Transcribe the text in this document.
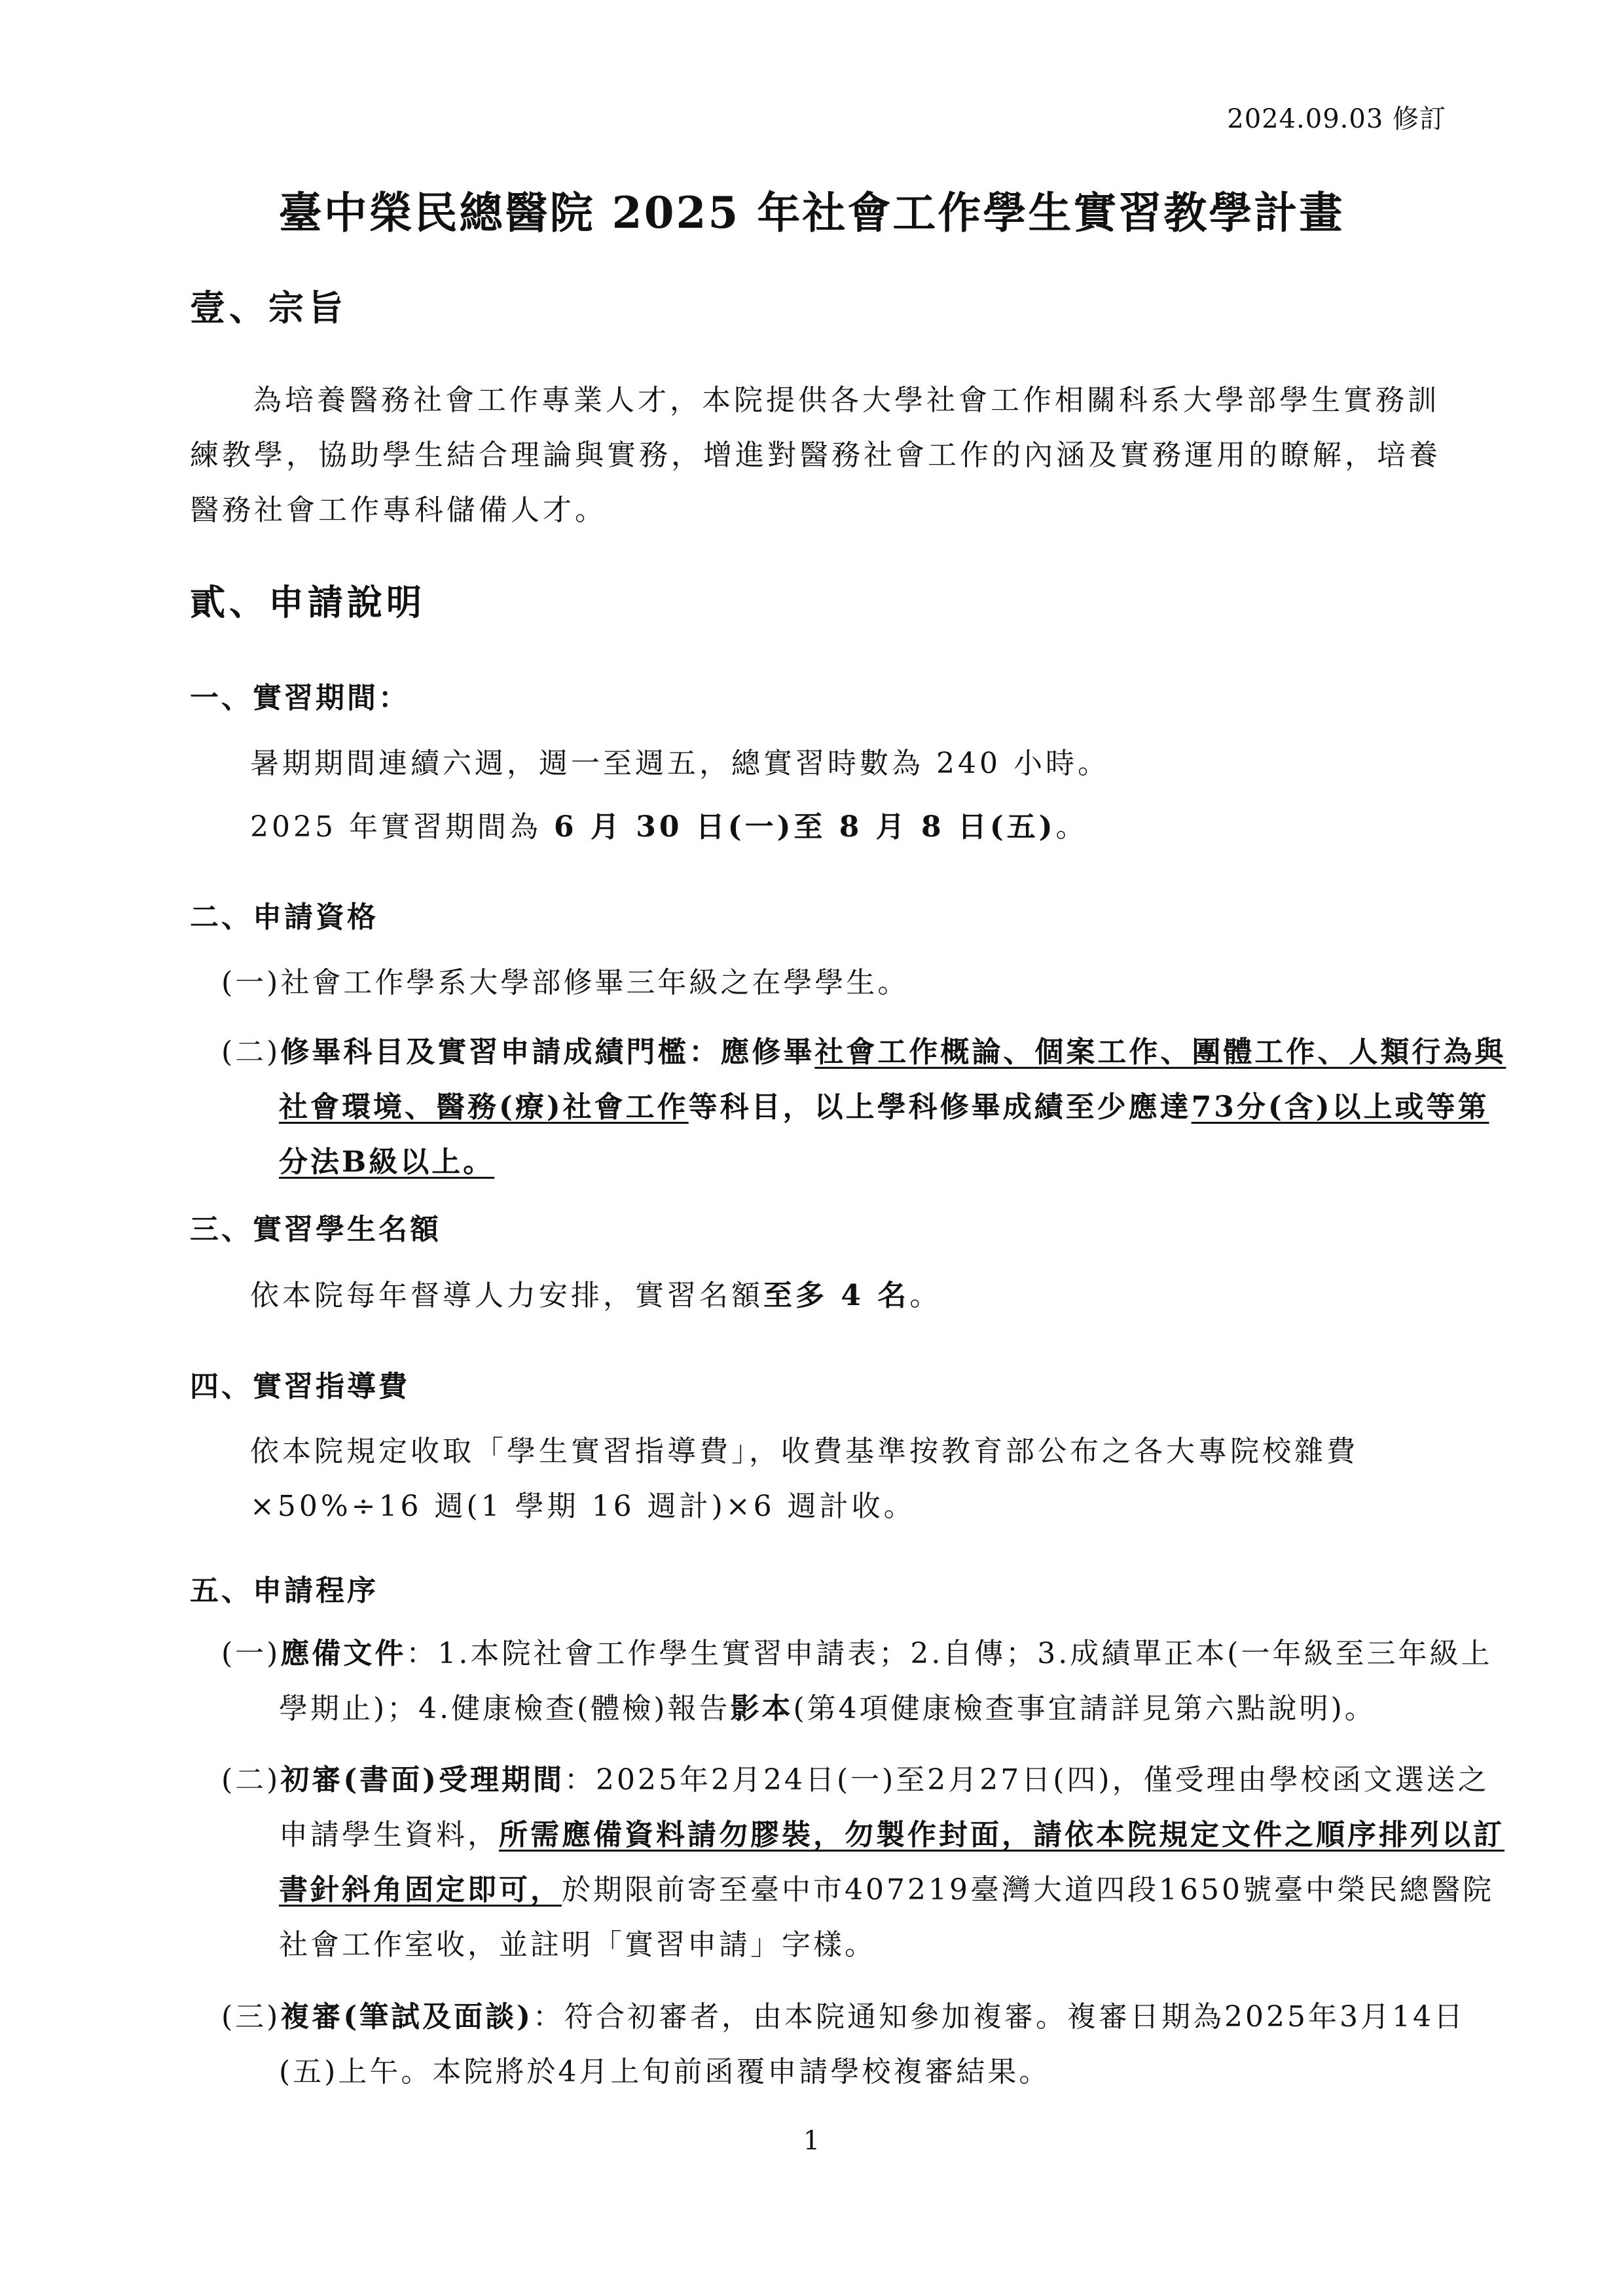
2024.09.03 修訂
臺中榮民總醫院 2025 年社會工作學生實習教學計畫
壹、宗旨
為培養醫務社會工作專業人才，本院提供各大學社會工作相關科系大學部學生實務訓練教學，協助學生結合理論與實務，增進對醫務社會工作的內涵及實務運用的瞭解，培養醫務社會工作專科儲備人才。
貳、申請說明
一、實習期間：
暑期期間連續六週，週一至週五，總實習時數為 240 小時。
2025 年實習期間為 6 月 30 日(一)至 8 月 8 日(五)。
二、申請資格
(一)社會工作學系大學部修畢三年級之在學學生。
(二)修畢科目及實習申請成績門檻：應修畢社會工作概論、個案工作、團體工作、人類行為與社會環境、醫務(療)社會工作等科目，以上學科修畢成績至少應達73分(含)以上或等第分法B級以上。
三、實習學生名額
依本院每年督導人力安排，實習名額至多 4 名。
四、實習指導費
依本院規定收取「學生實習指導費」，收費基準按教育部公布之各大專院校雜費×50%÷16 週(1 學期 16 週計)×6 週計收。
五、申請程序
(一)應備文件：1.本院社會工作學生實習申請表；2.自傳；3.成績單正本(一年級至三年級上學期止)；4.健康檢查(體檢)報告影本(第4項健康檢查事宜請詳見第六點說明)。
(二)初審(書面)受理期間：2025年2月24日(一)至2月27日(四)，僅受理由學校函文選送之申請學生資料，所需應備資料請勿膠裝，勿製作封面，請依本院規定文件之順序排列以訂書針斜角固定即可，於期限前寄至臺中市407219臺灣大道四段1650號臺中榮民總醫院社會工作室收，並註明「實習申請」字樣。
(三)複審(筆試及面談)：符合初審者，由本院通知參加複審。複審日期為2025年3月14日(五)上午。本院將於4月上旬前函覆申請學校複審結果。
1
